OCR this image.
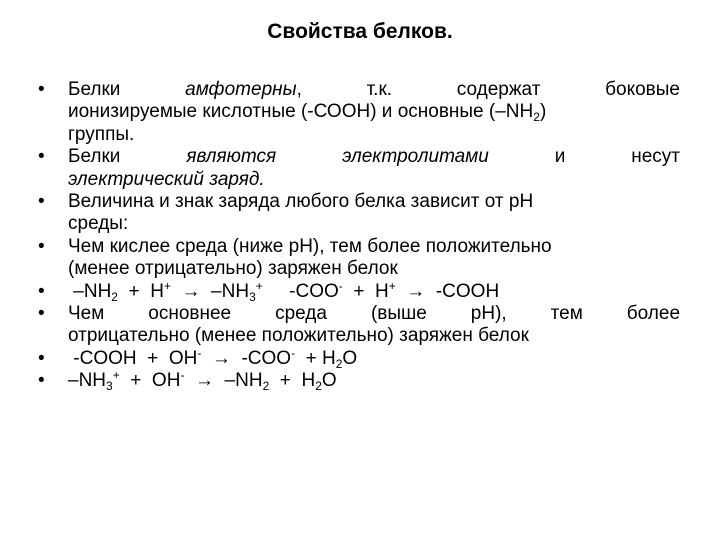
Свойства белков.
• Белки	амфотерны,	т.к.	содержат	боковые
ионизируемые кислотные (-СООН) и основные $(-NH_2)$
группы.
• Белки	являются	электролитами	и	несут
электрический заряд.
• Величина и знак заряда любого белка зависит от pH
среды:
• Чем кислее среда (ниже pH), тем более положительно
(менее отрицательно) заряжен белок
• $-NH_2 + H^+ \to -NH_3^+$     -COO-  +  H+  →  -COOH
• Чем основнее среда (выше pH), тем более
отрицательно (менее положительно) заряжен белок
• -COOH  +  $OH^- \to -COO^- + H_2O$
• $-NH_3^+ + OH^- \to -NH_2 + H_2O$
